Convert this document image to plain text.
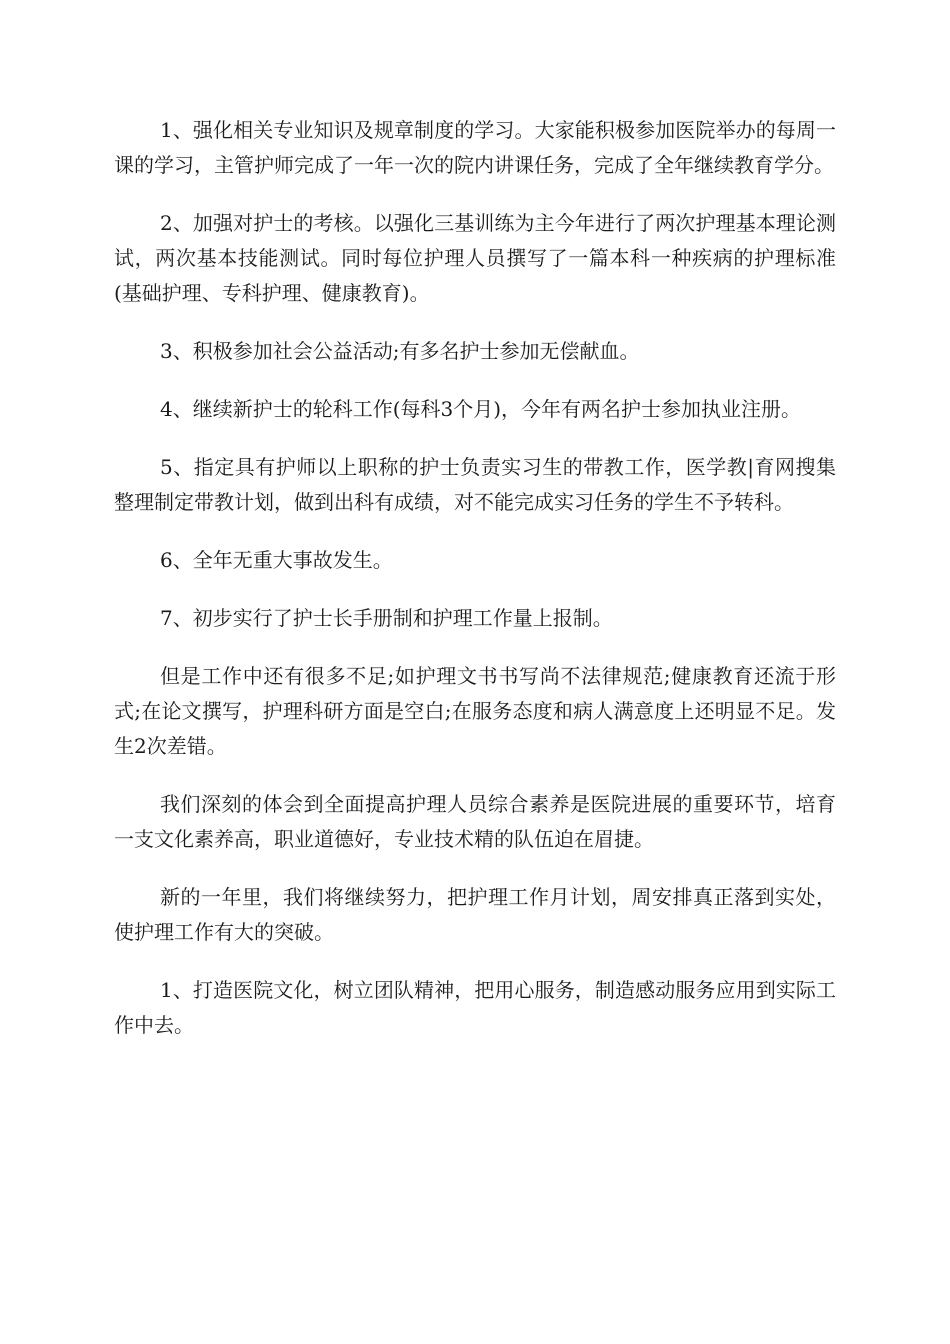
1、强化相关专业知识及规章制度的学习。大家能积极参加医院举办的每周一课的学习，主管护师完成了一年一次的院内讲课任务，完成了全年继续教育学分。

2、加强对护士的考核。以强化三基训练为主今年进行了两次护理基本理论测试，两次基本技能测试。同时每位护理人员撰写了一篇本科一种疾病的护理标准(基础护理、专科护理、健康教育)。

3、积极参加社会公益活动;有多名护士参加无偿献血。

4、继续新护士的轮科工作(每科3个月)，今年有两名护士参加执业注册。

5、指定具有护师以上职称的护士负责实习生的带教工作，医学教|育网搜集整理制定带教计划，做到出科有成绩，对不能完成实习任务的学生不予转科。

6、全年无重大事故发生。

7、初步实行了护士长手册制和护理工作量上报制。

但是工作中还有很多不足;如护理文书书写尚不法律规范;健康教育还流于形式;在论文撰写，护理科研方面是空白;在服务态度和病人满意度上还明显不足。发生2次差错。

我们深刻的体会到全面提高护理人员综合素养是医院进展的重要环节，培育一支文化素养高，职业道德好，专业技术精的队伍迫在眉捷。

新的一年里，我们将继续努力，把护理工作月计划，周安排真正落到实处，使护理工作有大的突破。

1、打造医院文化，树立团队精神，把用心服务，制造感动服务应用到实际工作中去。
